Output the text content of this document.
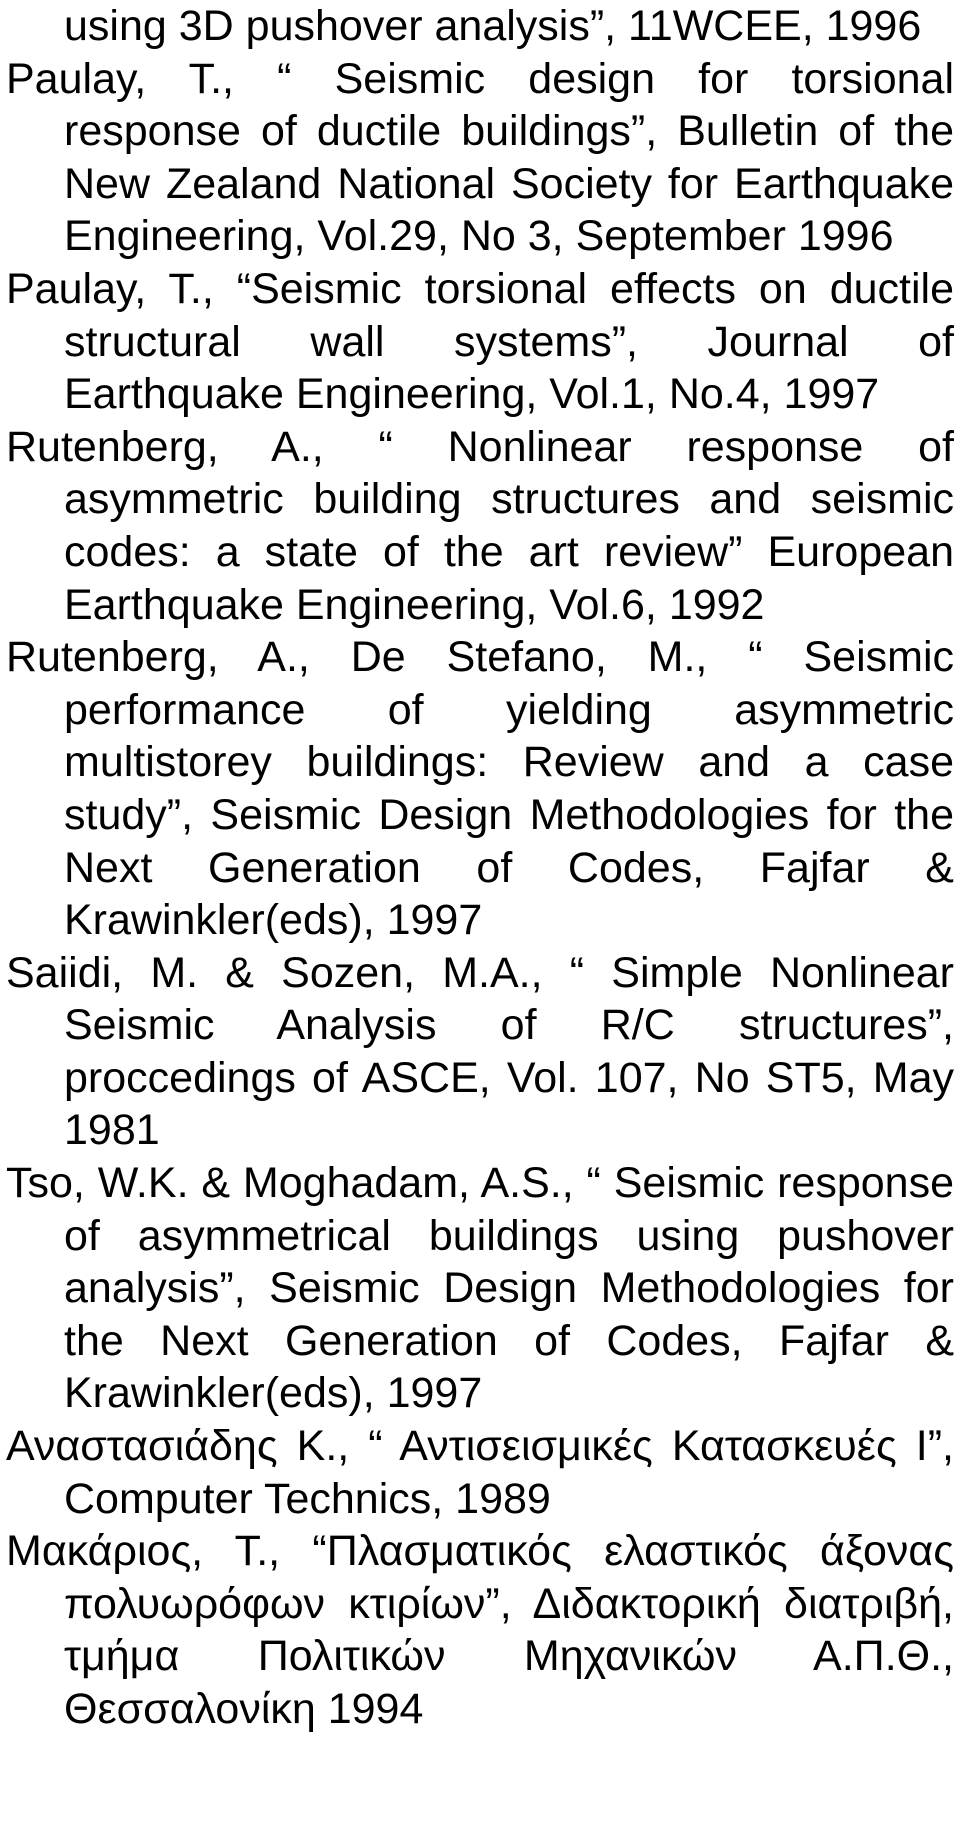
using 3D pushover analysis”, 11WCEE, 1996

Paulay, T., “ Seismic design for torsional response of ductile buildings”, Bulletin of the New Zealand National Society for Earthquake Engineering, Vol.29, No 3, September 1996

Paulay, T., “Seismic torsional effects on ductile structural wall systems”, Journal of Earthquake Engineering, Vol.1, No.4, 1997

Rutenberg, A., “ Nonlinear response of asymmetric building structures and seismic codes: a state of the art review” European Earthquake Engineering, Vol.6, 1992

Rutenberg, A., De Stefano, M., “ Seismic performance of yielding asymmetric multistorey buildings: Review and a case study”, Seismic Design Methodologies for the Next Generation of Codes, Fajfar & Krawinkler(eds), 1997

Saiidi, M. & Sozen, M.A., “ Simple Nonlinear Seismic Analysis of R/C structures”, proccedings of ASCE, Vol. 107, No ST5, May 1981

Tso, W.K. & Moghadam, A.S., “ Seismic response of asymmetrical buildings using pushover analysis”, Seismic Design Methodologies for the Next Generation of Codes, Fajfar & Krawinkler(eds), 1997

Αναστασιάδης Κ., “ Αντισεισμικές Κατασκευές Ι”, Computer Technics, 1989

Μακάριος, Τ., “Πλασματικός ελαστικός άξονας πολυωρόφων κτιρίων”, Διδακτορική διατριβή, τμήμα Πολιτικών Μηχανικών Α.Π.Θ., Θεσσαλονίκη 1994
